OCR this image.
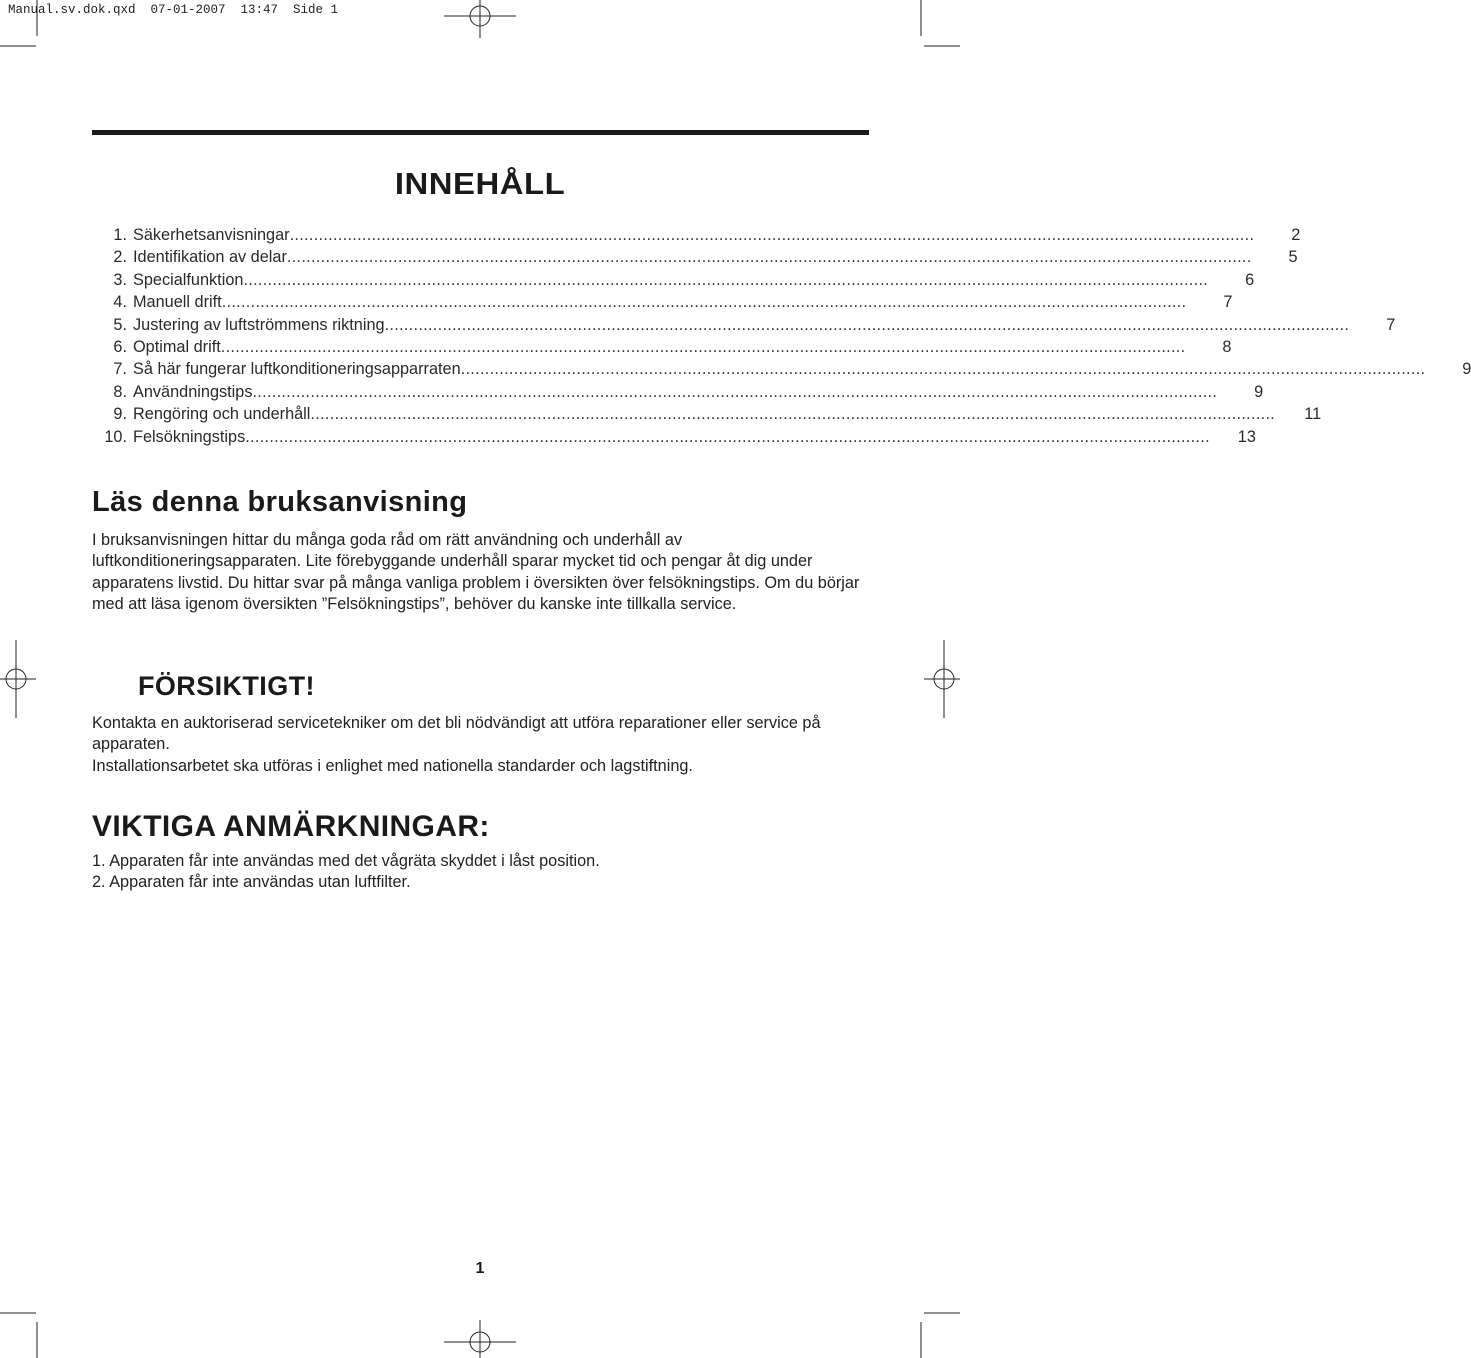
Manual.sv.dok.qxd  07-01-2007  13:47  Side 1
INNEHÅLL
1. Säkerhetsanvisningar ........................................................................................................................................................................................................	2
2. Identifikation av delar ........................................................................................................................................................................................................	5
3. Specialfunktion ........................................................................................................................................................................................................	6
4. Manuell drift ........................................................................................................................................................................................................	7
5. Justering av luftströmmens riktning ........................................................................................................................................................................................................	7
6. Optimal drift ........................................................................................................................................................................................................	8
7. Så här fungerar luftkonditioneringsapparraten ........................................................................................................................................................................................................	9
8. Användningstips ........................................................................................................................................................................................................	9
9. Rengöring och underhåll ........................................................................................................................................................................................................	11
10. Felsökningstips ........................................................................................................................................................................................................	13
Läs denna bruksanvisning

I bruksanvisningen hittar du många goda råd om rätt användning och underhåll av luftkonditioneringsapparaten. Lite förebyggande underhåll sparar mycket tid och pengar åt dig under apparatens livstid. Du hittar svar på många vanliga problem i översikten över felsökningstips. Om du börjar med att läsa igenom översikten ”Felsökningstips”, behöver du kanske inte tillkalla service.

FÖRSIKTIGT!

Kontakta en auktoriserad servicetekniker om det bli nödvändigt att utföra reparationer eller service på apparaten.

Installationsarbetet ska utföras i enlighet med nationella standarder och lagstiftning.

VIKTIGA ANMÄRKNINGAR:

1. Apparaten får inte användas med det vågräta skyddet i låst position.

2. Apparaten får inte användas utan luftfilter.

1
